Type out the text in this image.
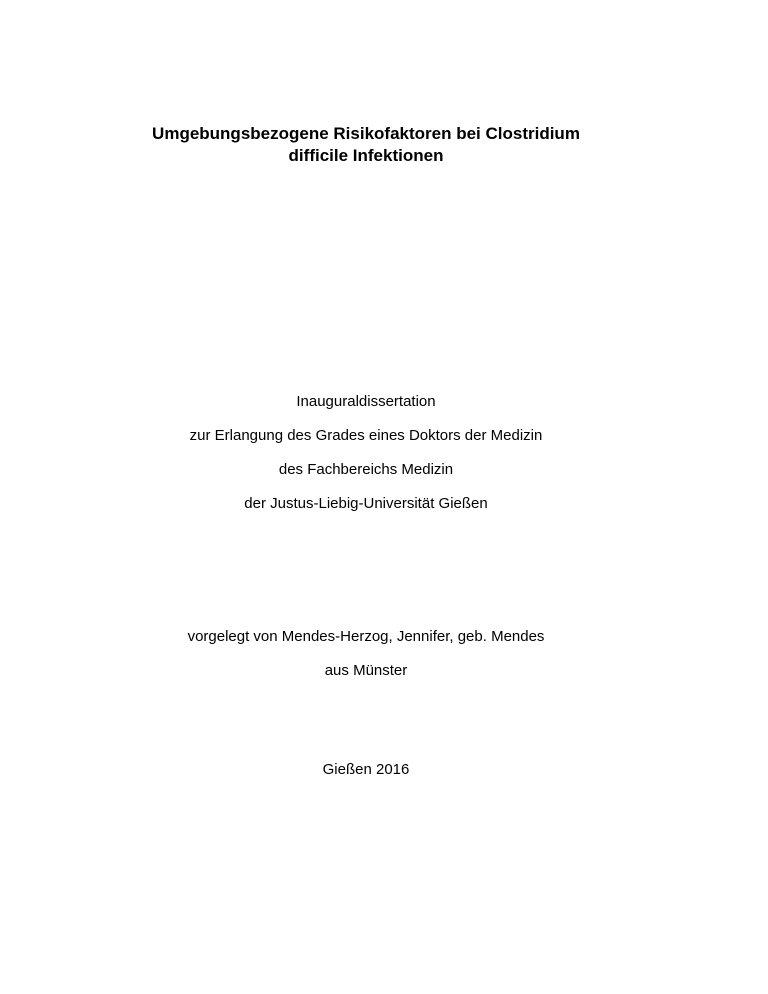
Umgebungsbezogene Risikofaktoren bei Clostridium
difficile Infektionen

Inauguraldissertation

zur Erlangung des Grades eines Doktors der Medizin

des Fachbereichs Medizin

der Justus-Liebig-Universität Gießen

vorgelegt von Mendes-Herzog, Jennifer, geb. Mendes

aus Münster

Gießen 2016
